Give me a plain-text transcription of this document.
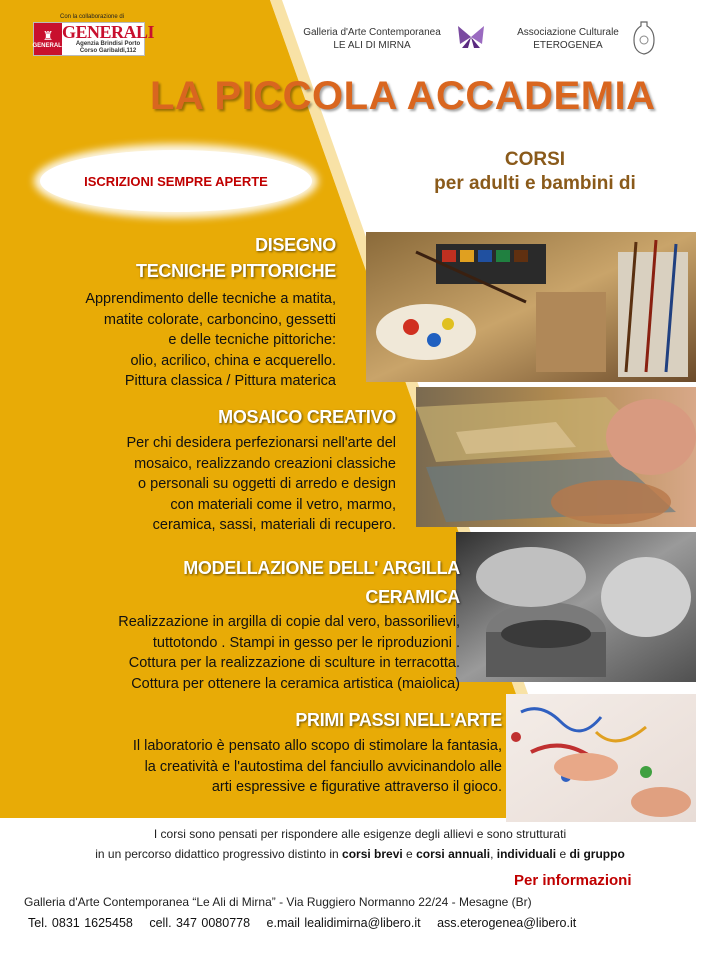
Con la collaborazione di
♜
GENERALI
GENERALI
Agenzia Brindisi Porto
Corso Garibaldi,112
Galleria d'Arte Contemporanea
LE ALI DI MIRNA
Associazione Culturale
ETEROGENEA
LA PICCOLA ACCADEMIA
ISCRIZIONI SEMPRE APERTE
CORSI
per adulti e bambini di
DISEGNO
TECNICHE PITTORICHE
Apprendimento delle tecniche a matita,
matite colorate, carboncino, gessetti
e delle tecniche pittoriche:
olio, acrilico, china e acquerello.
Pittura classica / Pittura materica
MOSAICO CREATIVO
Per chi desidera perfezionarsi nell'arte del
mosaico, realizzando creazioni classiche
o personali su oggetti di arredo e design
con materiali come il vetro, marmo,
ceramica, sassi, materiali di recupero.
MODELLAZIONE DELL' ARGILLA
CERAMICA
Realizzazione in argilla di copie dal vero, bassorilievi,
tuttotondo . Stampi in gesso per le riproduzioni .
Cottura per la realizzazione di sculture in terracotta.
Cottura per ottenere la ceramica artistica (maiolica)
PRIMI PASSI NELL'ARTE
Il laboratorio è pensato allo scopo di stimolare la fantasia,
la creatività e l'autostima del fanciullo avvicinandolo alle
arti espressive e figurative attraverso il gioco.
I corsi sono pensati per rispondere alle esigenze degli allievi e sono strutturati
in un percorso didattico progressivo distinto in corsi brevi e corsi annuali, individuali e di gruppo
Per informazioni
Galleria d'Arte Contemporanea “Le Ali di Mirna” - Via Ruggiero Normanno 22/24 - Mesagne (Br)
Tel. 0831 1625458 cell. 347 0080778 e.mail lealidimirna@libero.it ass.eterogenea@libero.it
